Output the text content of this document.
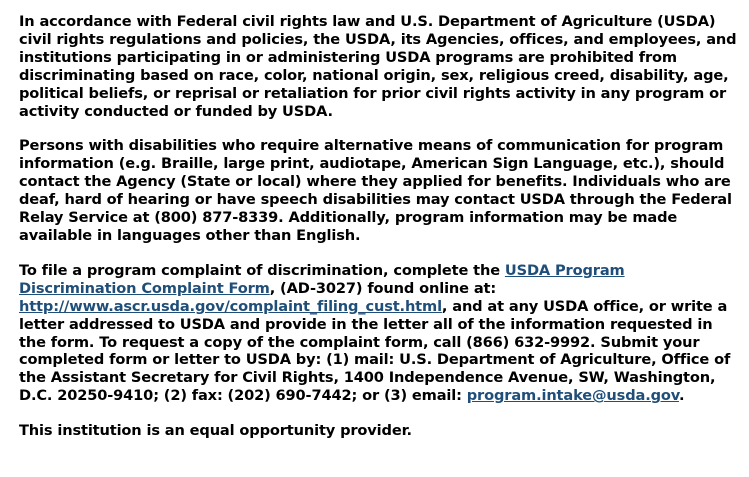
In accordance with Federal civil rights law and U.S. Department of Agriculture (USDA) civil rights regulations and policies, the USDA, its Agencies, offices, and employees, and institutions participating in or administering USDA programs are prohibited from discriminating based on race, color, national origin, sex, religious creed, disability, age, political beliefs, or reprisal or retaliation for prior civil rights activity in any program or activity conducted or funded by USDA.

Persons with disabilities who require alternative means of communication for program information (e.g. Braille, large print, audiotape, American Sign Language, etc.), should contact the Agency (State or local) where they applied for benefits. Individuals who are deaf, hard of hearing or have speech disabilities may contact USDA through the Federal Relay Service at (800) 877-8339. Additionally, program information may be made available in languages other than English.

To file a program complaint of discrimination, complete the USDA Program Discrimination Complaint Form, (AD-3027) found online at: http://www.ascr.usda.gov/complaint_filing_cust.html, and at any USDA office, or write a letter addressed to USDA and provide in the letter all of the information requested in the form. To request a copy of the complaint form, call (866) 632-9992. Submit your completed form or letter to USDA by: (1) mail: U.S. Department of Agriculture, Office of the Assistant Secretary for Civil Rights, 1400 Independence Avenue, SW, Washington, D.C. 20250-9410; (2) fax: (202) 690-7442; or (3) email: program.intake@usda.gov.

This institution is an equal opportunity provider.
